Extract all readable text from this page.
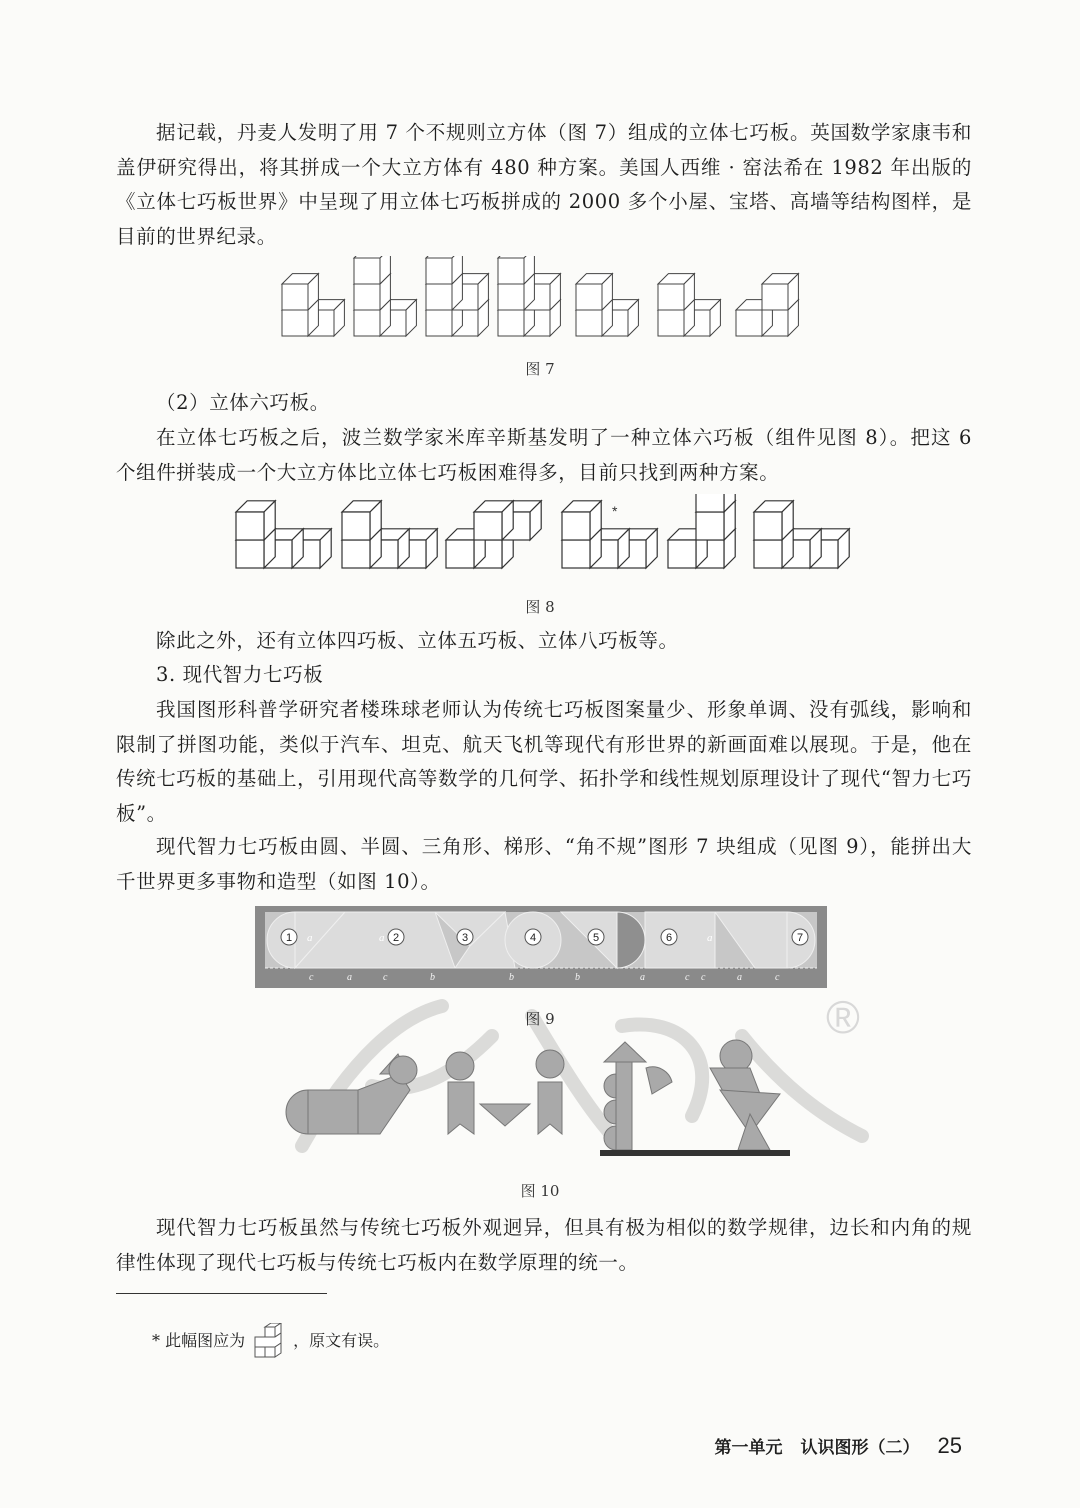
据记载，丹麦人发明了用 7 个不规则立方体（图 7）组成的立体七巧板。英国数学家康韦和盖伊研究得出，将其拼成一个大立方体有 480 种方案。美国人西维 · 窑法希在 1982 年出版的《立体七巧板世界》中呈现了用立体七巧板拼成的 2000 多个小屋、宝塔、高墙等结构图样，是目前的世界纪录。

图 7

（2）立体六巧板。

在立体七巧板之后，波兰数学家米库辛斯基发明了一种立体六巧板（组件见图 8）。把这 6 个组件拼装成一个大立方体比立体七巧板困难得多，目前只找到两种方案。

*
图 8

除此之外，还有立体四巧板、立体五巧板、立体八巧板等。

3. 现代智力七巧板

我国图形科普学研究者楼珠球老师认为传统七巧板图案量少、形象单调、没有弧线，影响和限制了拼图功能，类似于汽车、坦克、航天飞机等现代有形世界的新画面难以展现。于是，他在传统七巧板的基础上，引用现代高等数学的几何学、拓扑学和线性规划原理设计了现代“智力七巧板”。

现代智力七巧板由圆、半圆、三角形、梯形、“角不规”图形 7 块组成（见图 9），能拼出大千世界更多事物和造型（如图 10）。

1	2	3	4	5	6	7
a	a	a
c	a	c	b	b	b	a	c c	a	c
图 9	®
图 10

现代智力七巧板虽然与传统七巧板外观迥异，但具有极为相似的数学规律，边长和内角的规律性体现了现代七巧板与传统七巧板内在数学原理的统一。

* 此幅图应为	，原文有误。
第一单元 认识图形（二） 25
